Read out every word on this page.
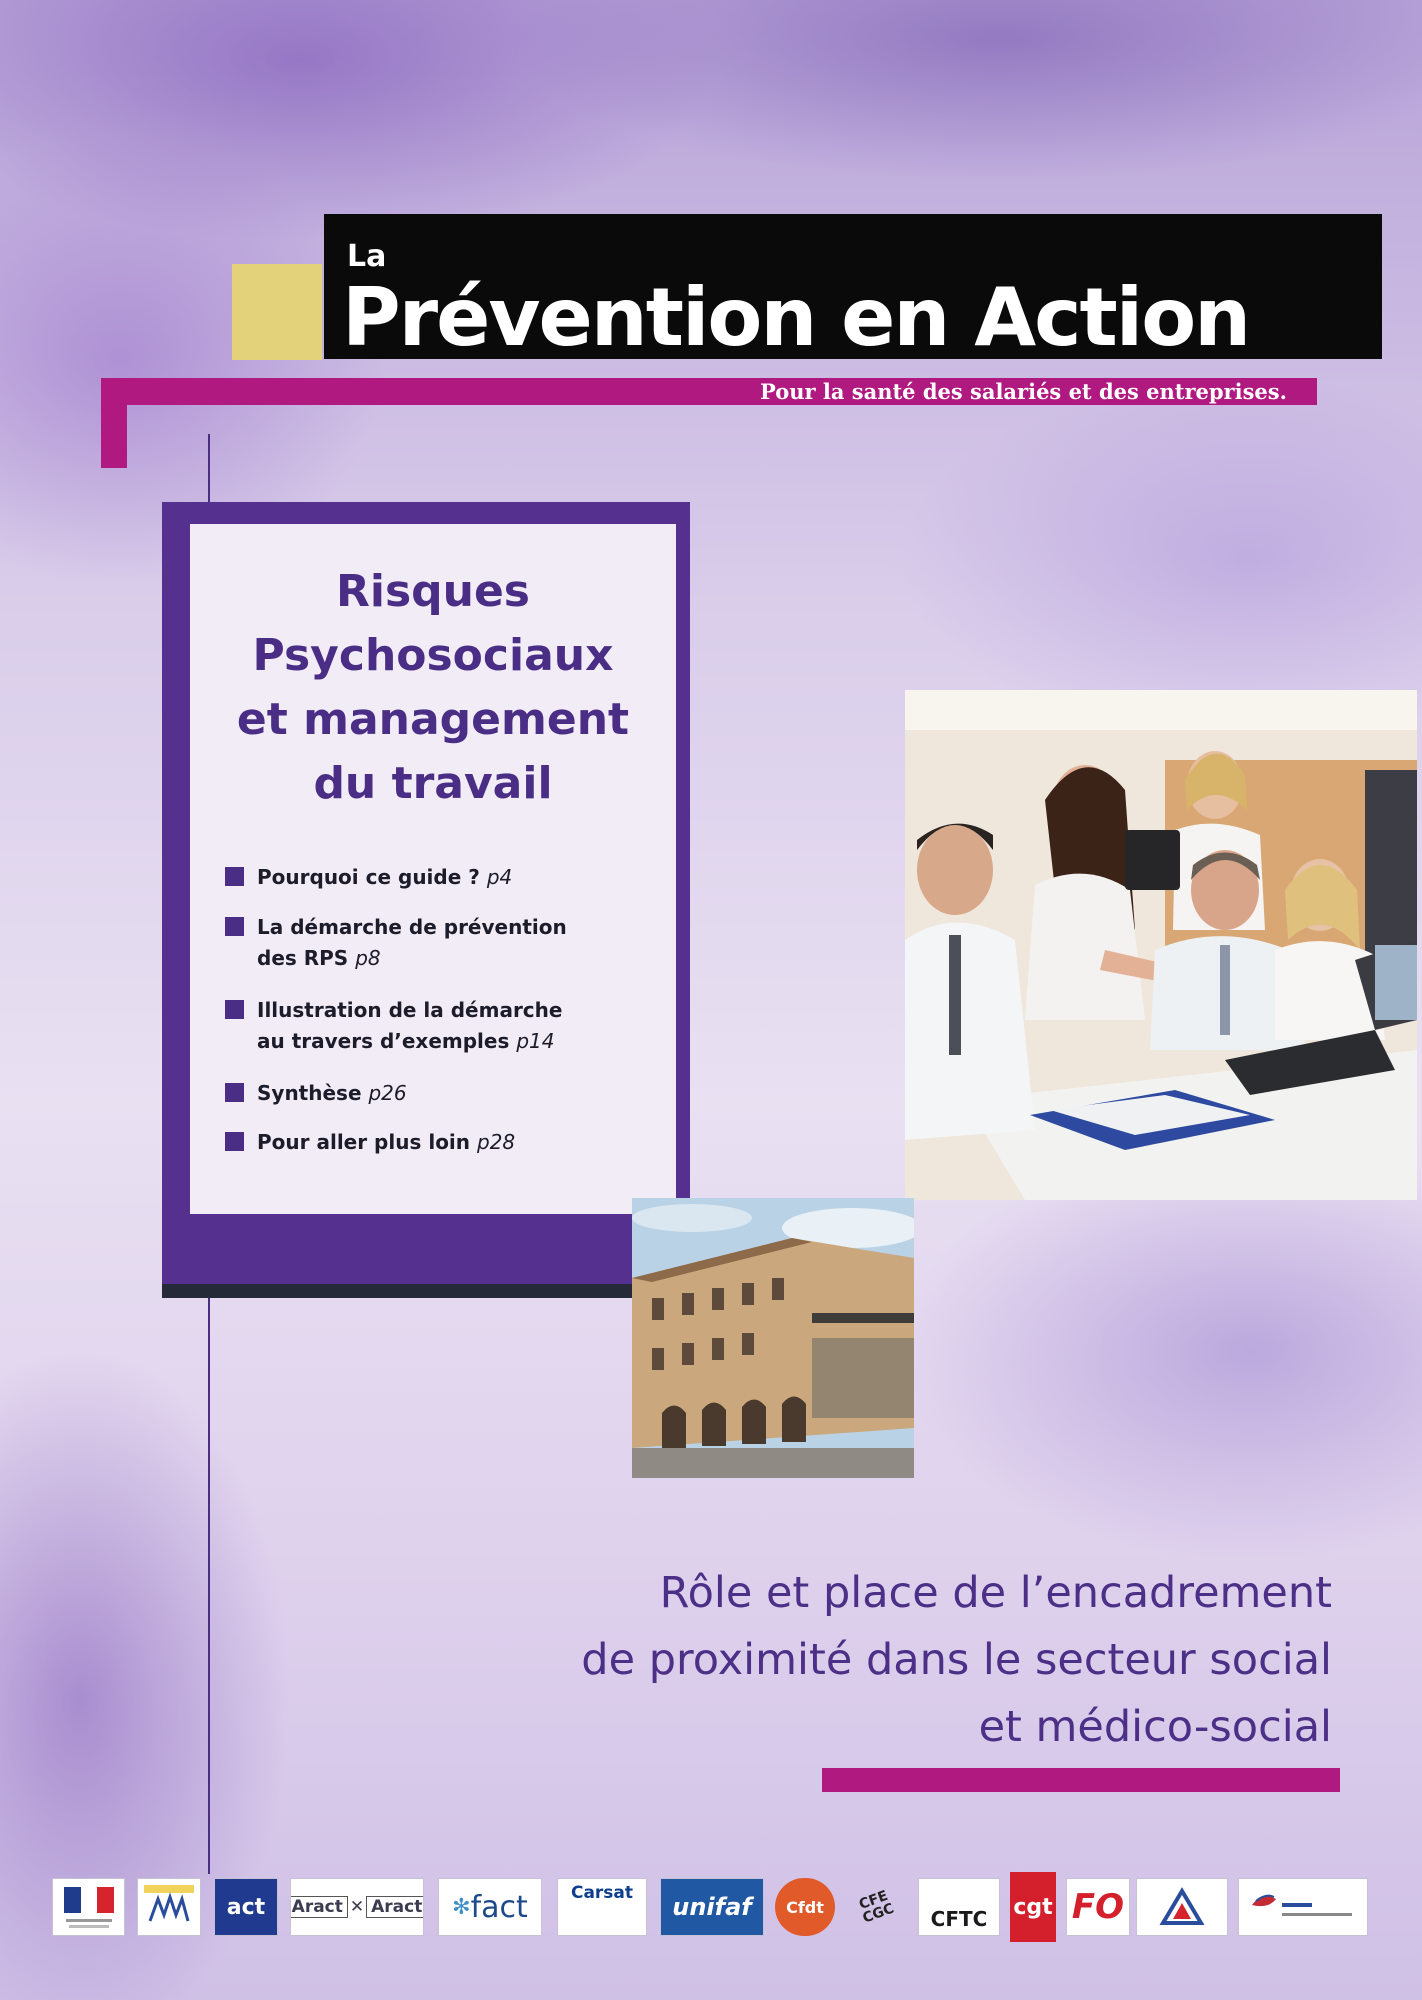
La
Prévention en Action
Pour la santé des salariés et des entreprises.
Risques
Psychosociaux
et management
du travail
Pourquoi ce guide ? p4
La démarche de prévention
des RPS p8
Illustration de la démarche
au travers d’exemples p14
Synthèse p26
Pour aller plus loin p28
Rôle et place de l’encadrement
de proximité dans le secteur social
et médico-social
act	Aract ✕ Aract ✻ fact	Carsat	unifaf	Cfdt	CFE CGC	CFTC	cgt FO
